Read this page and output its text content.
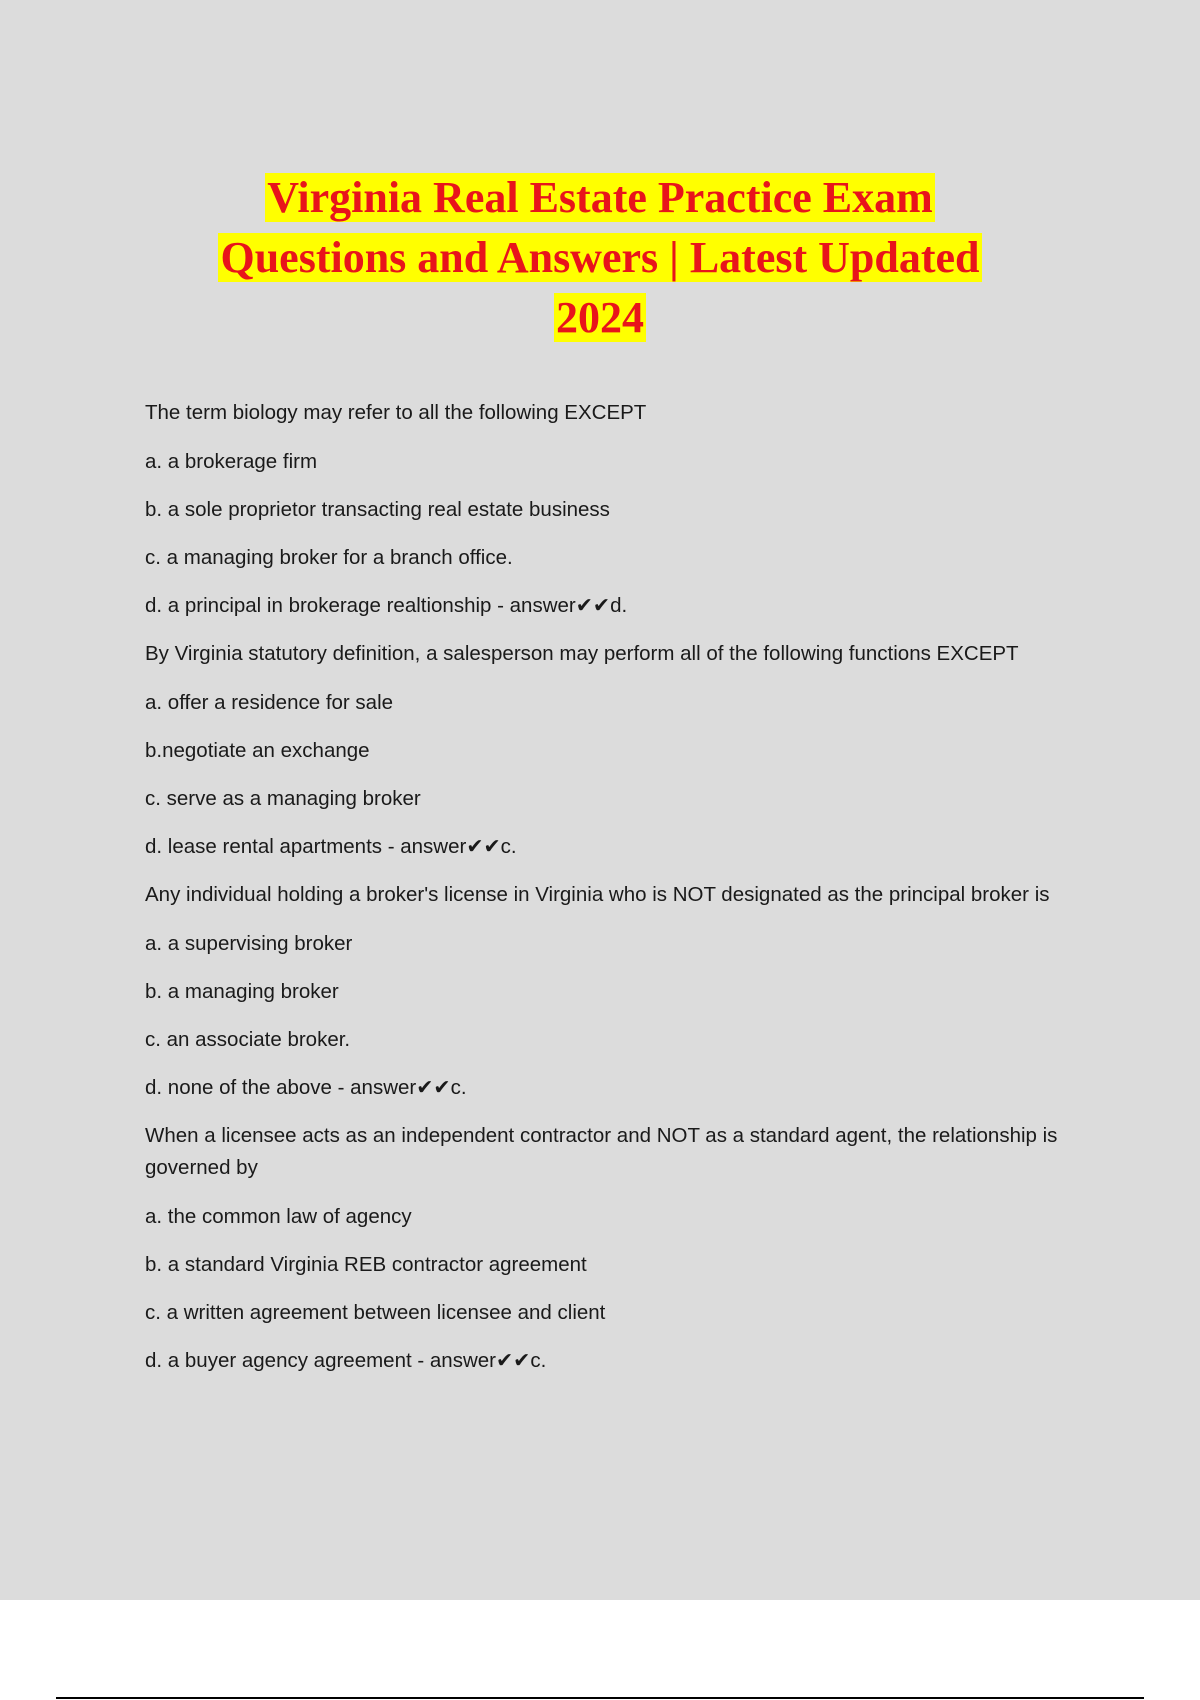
Virginia Real Estate Practice Exam
Questions and Answers | Latest Updated
2024
The term biology may refer to all the following EXCEPT
a. a brokerage firm
b. a sole proprietor transacting real estate business
c. a managing broker for a branch office.
d. a principal in brokerage realtionship - answer✔✔d.
By Virginia statutory definition, a salesperson may perform all of the following functions EXCEPT
a. offer a residence for sale
b.negotiate an exchange
c. serve as a managing broker
d. lease rental apartments - answer✔✔c.
Any individual holding a broker's license in Virginia who is NOT designated as the principal broker is
a. a supervising broker
b. a managing broker
c. an associate broker.
d. none of the above - answer✔✔c.
When a licensee acts as an independent contractor and NOT as a standard agent, the relationship is governed by
a. the common law of agency
b. a standard Virginia REB contractor agreement
c. a written agreement between licensee and client
d. a buyer agency agreement - answer✔✔c.
